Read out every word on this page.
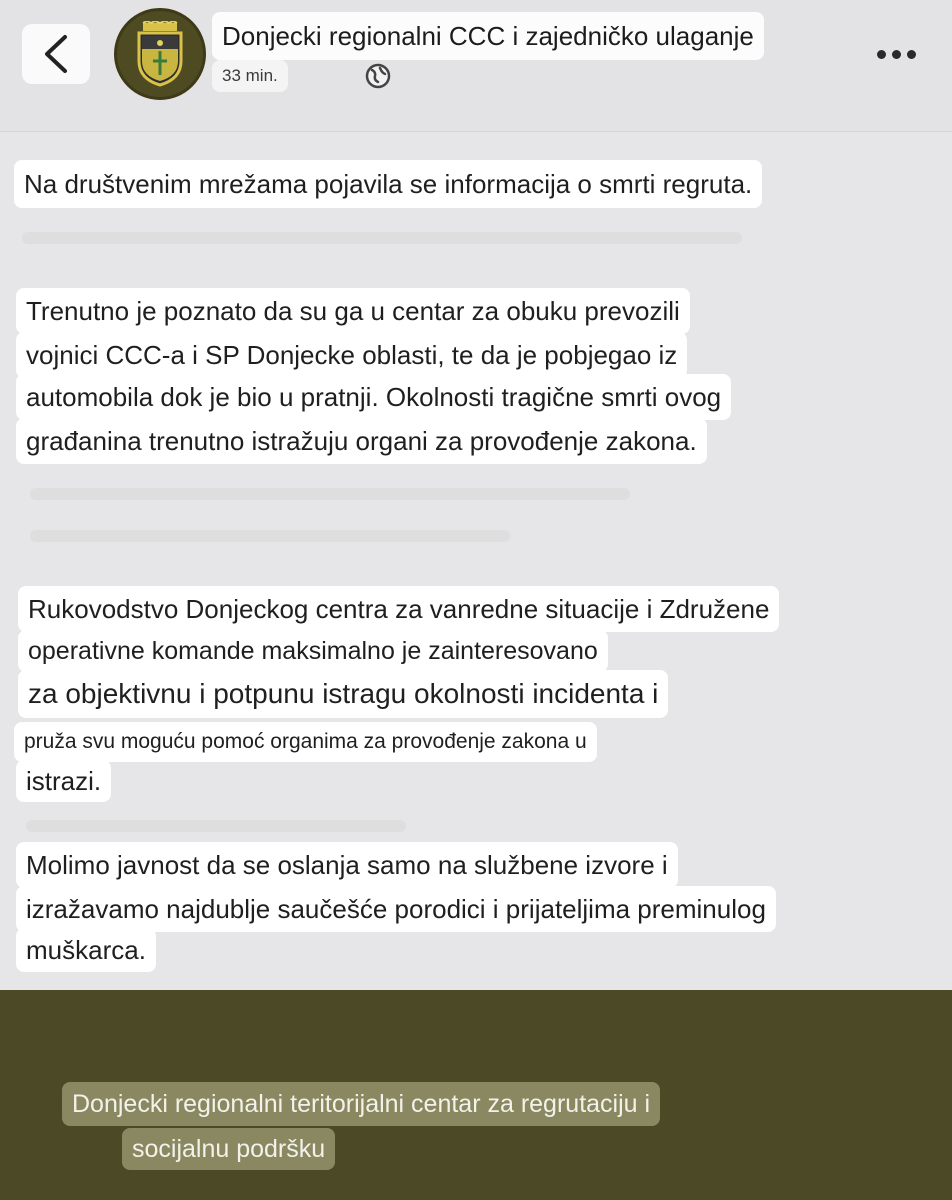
Donjecki regionalni CCC i zajedničko ulaganje
33 min.
Na društvenim mrežama pojavila se informacija o smrti regruta.
Trenutno je poznato da su ga u centar za obuku prevozili
vojnici CCC-a i SP Donjecke oblasti, te da je pobjegao iz
automobila dok je bio u pratnji. Okolnosti tragične smrti ovog
građanina trenutno istražuju organi za provođenje zakona.
Rukovodstvo Donjeckog centra za vanredne situacije i Združene
operativne komande maksimalno je zainteresovano
za objektivnu i potpunu istragu okolnosti incidenta i
pruža svu moguću pomoć organima za provođenje zakona u
istrazi.
Molimo javnost da se oslanja samo na službene izvore i
izražavamo najdublje saučešće porodici i prijateljima preminulog
muškarca.
Donjecki regionalni teritorijalni centar za regrutaciju i
socijalnu podršku
